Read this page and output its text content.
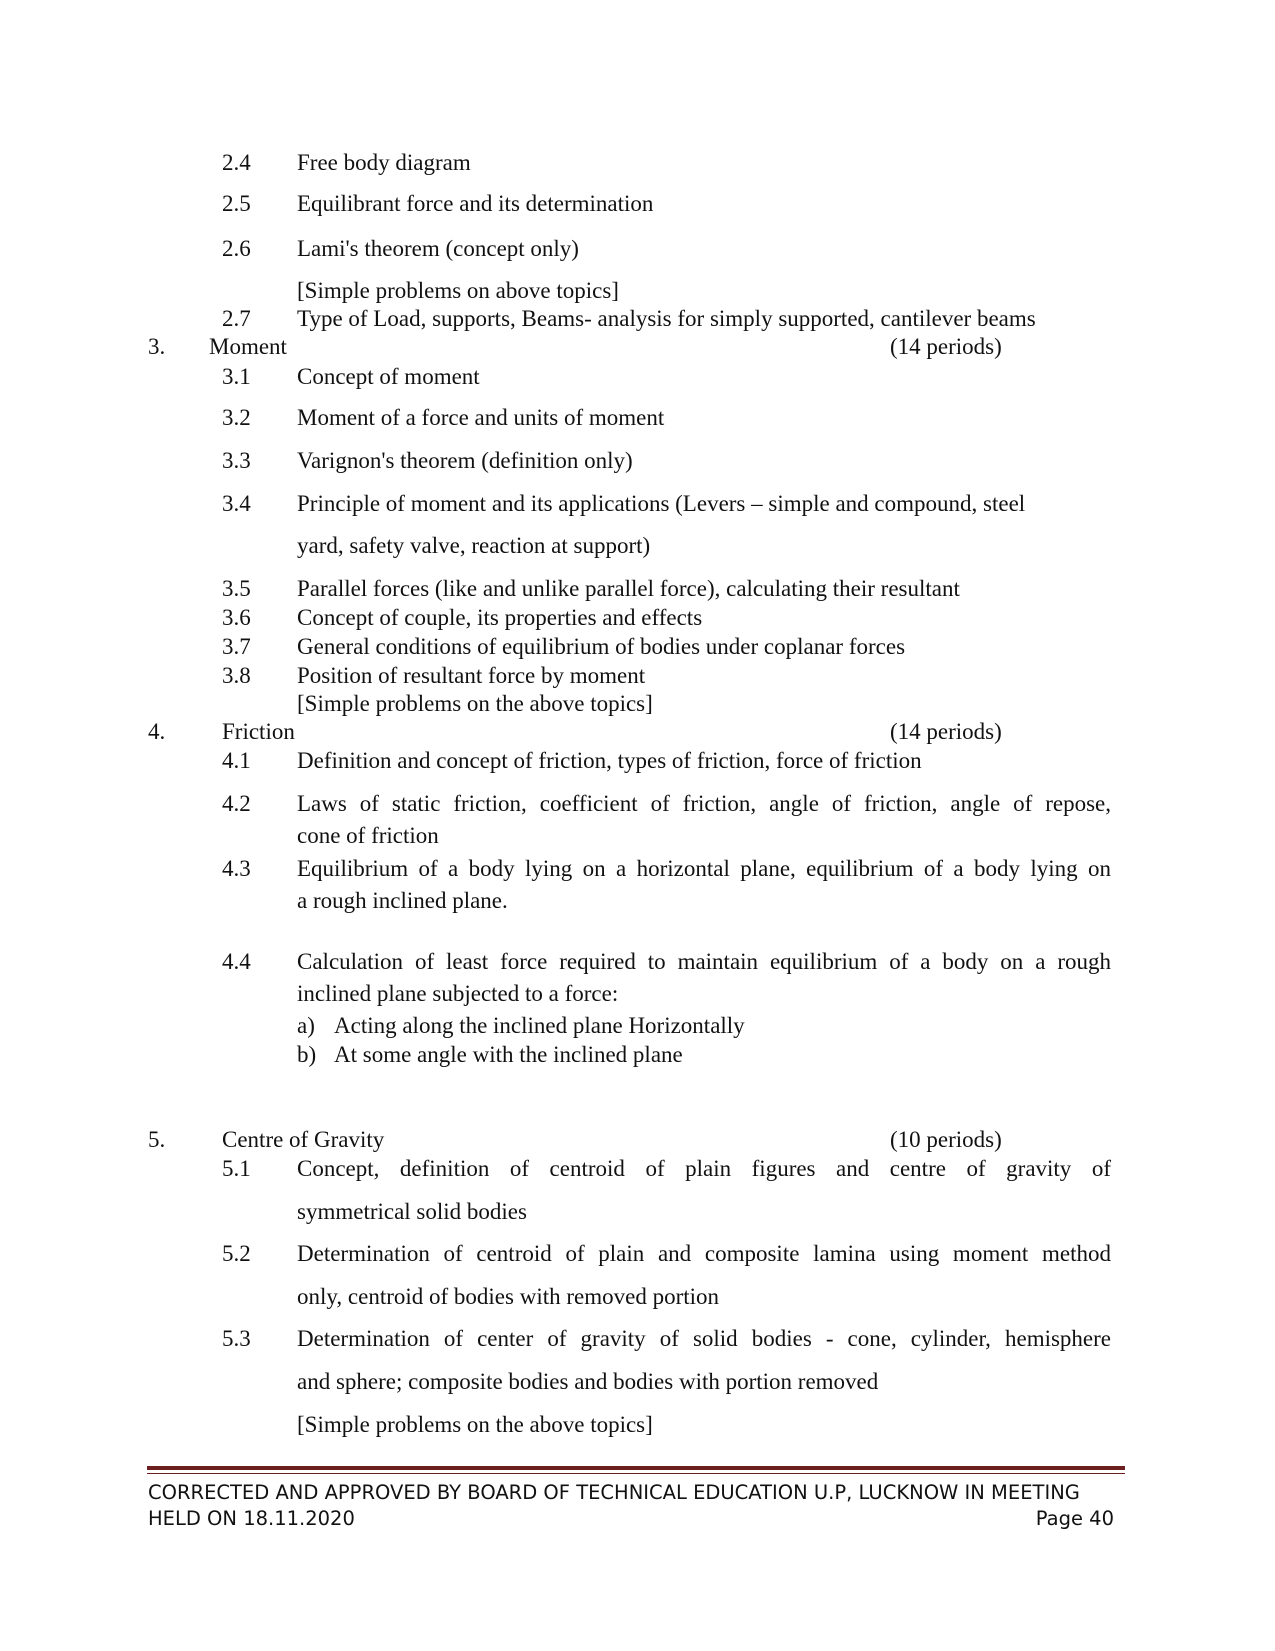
2.4 Free body diagram
2.5 Equilibrant force and its determination
2.6 Lami's theorem (concept only)
[Simple problems on above topics]
2.7 Type of Load, supports, Beams- analysis for simply supported, cantilever beams
3. Moment	(14 periods)
3.1 Concept of moment
3.2 Moment of a force and units of moment
3.3 Varignon's theorem (definition only)
3.4 Principle of moment and its applications (Levers – simple and compound, steel
yard, safety valve, reaction at support)
3.5 Parallel forces (like and unlike parallel force), calculating their resultant
3.6 Concept of couple, its properties and effects
3.7 General conditions of equilibrium of bodies under coplanar forces
3.8 Position of resultant force by moment
[Simple problems on the above topics]
4. Friction	(14 periods)
4.1 Definition and concept of friction, types of friction, force of friction
4.2 Laws of static friction, coefficient of friction, angle of friction, angle of repose,
cone of friction
4.3 Equilibrium of a body lying on a horizontal plane, equilibrium of a body lying on
a rough inclined plane.
4.4 Calculation of least force required to maintain equilibrium of a body on a rough
inclined plane subjected to a force:
a) Acting along the inclined plane Horizontally
b) At some angle with the inclined plane
5. Centre of Gravity	(10 periods)
5.1 Concept, definition of centroid of plain figures and centre of gravity of
symmetrical solid bodies
5.2 Determination of centroid of plain and composite lamina using moment method
only, centroid of bodies with removed portion
5.3 Determination of center of gravity of solid bodies - cone, cylinder, hemisphere
and sphere; composite bodies and bodies with portion removed
[Simple problems on the above topics]
CORRECTED AND APPROVED BY BOARD OF TECHNICAL EDUCATION U.P, LUCKNOW IN MEETING
HELD ON 18.11.2020	Page 40
